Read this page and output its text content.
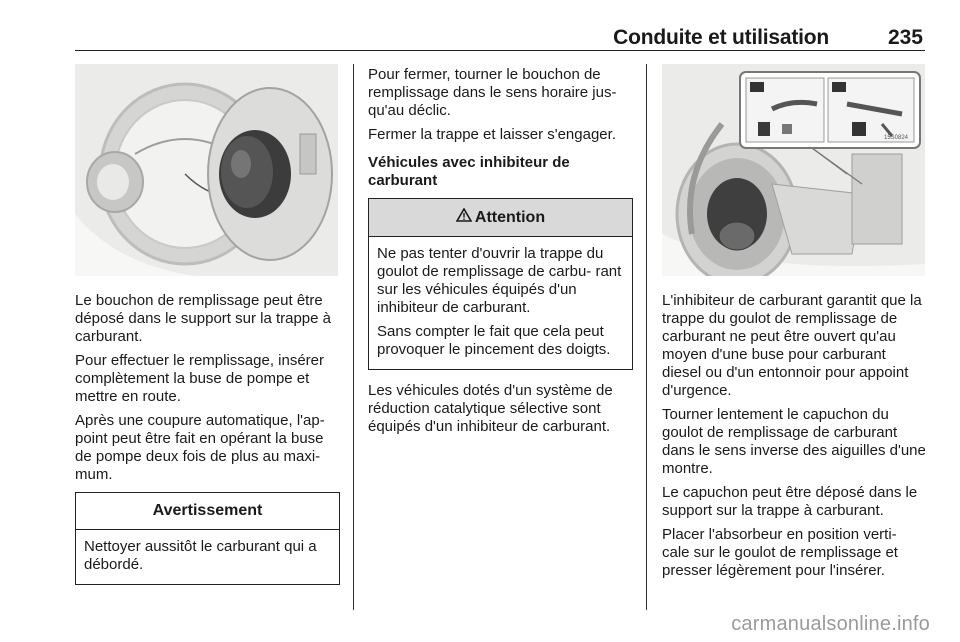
Conduite et utilisation	235

Le bouchon de remplissage peut être déposé dans le support sur la trappe à carburant.

Pour effectuer le remplissage, insérer complètement la buse de pompe et mettre en route.

Après une coupure automatique, l'ap- point peut être fait en opérant la buse de pompe deux fois de plus au maxi- mum.

Avertissement

Nettoyer aussitôt le carburant qui a débordé.

Pour fermer, tourner le bouchon de remplissage dans le sens horaire jus- qu'au déclic.

Fermer la trappe et laisser s'engager.

Véhicules avec inhibiteur de carburant
Attention

Ne pas tenter d'ouvrir la trappe du goulot de remplissage de carbu- rant sur les véhicules équipés d'un inhibiteur de carburant.

Sans compter le fait que cela peut provoquer le pincement des doigts.

Les véhicules dotés d'un système de réduction catalytique sélective sont équipés d'un inhibiteur de carburant.

15S0824

L'inhibiteur de carburant garantit que la trappe du goulot de remplissage de carburant ne peut être ouvert qu'au moyen d'une buse pour carburant diesel ou d'un entonnoir pour appoint d'urgence.

Tourner lentement le capuchon du goulot de remplissage de carburant dans le sens inverse des aiguilles d'une montre.

Le capuchon peut être déposé dans le support sur la trappe à carburant.

Placer l'absorbeur en position verti- cale sur le goulot de remplissage et presser légèrement pour l'insérer.

carmanualsonline.info
